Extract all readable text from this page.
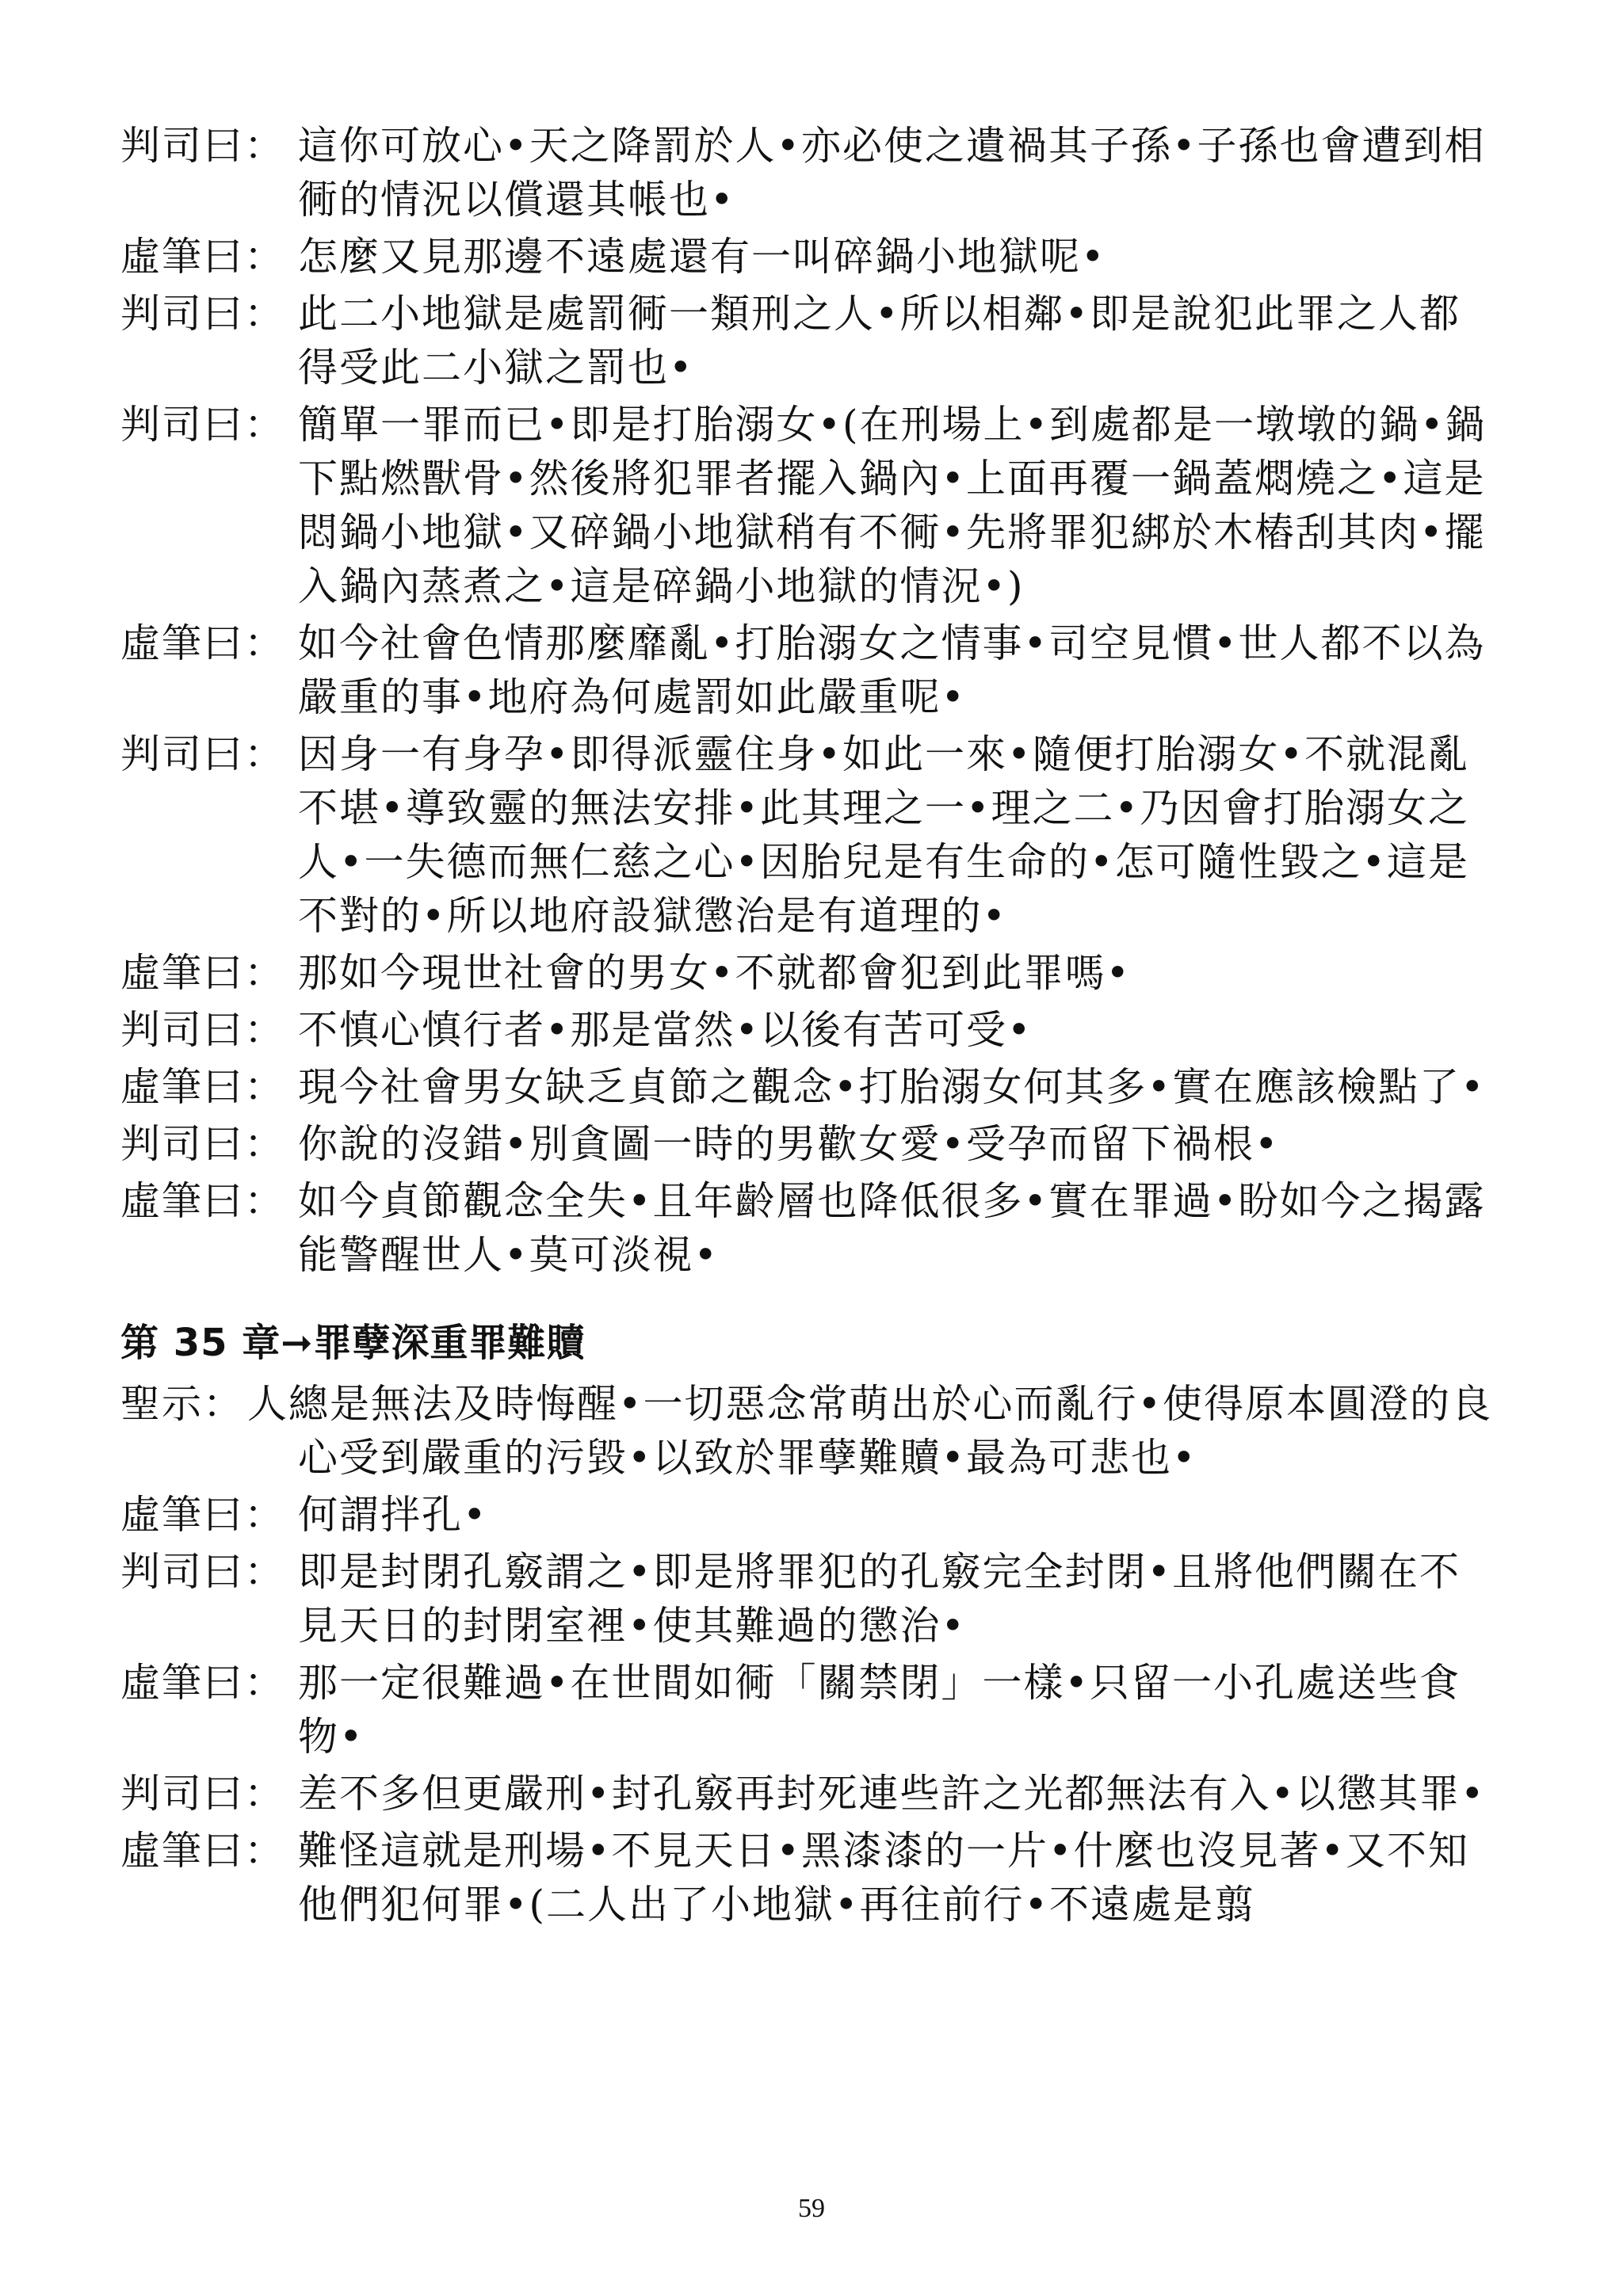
判司曰： 這你可放心•天之降罰於人•亦必使之遺禍其子孫•子孫也會遭到相衕的情況以償還其帳也•
虛筆曰： 怎麼又見那邊不遠處還有一叫碎鍋小地獄呢•
判司曰： 此二小地獄是處罰衕一類刑之人•所以相鄰•即是說犯此罪之人都得受此二小獄之罰也•
判司曰： 簡單一罪而已•即是打胎溺女•(在刑場上•到處都是一墩墩的鍋•鍋下點燃獸骨•然後將犯罪者擺入鍋內•上面再覆一鍋蓋燜燒之•這是悶鍋小地獄•又碎鍋小地獄稍有不衕•先將罪犯綁於木樁刮其肉•擺入鍋內蒸煮之•這是碎鍋小地獄的情況•)
虛筆曰： 如今社會色情那麼靡亂•打胎溺女之情事•司空見慣•世人都不以為嚴重的事•地府為何處罰如此嚴重呢•
判司曰： 因身一有身孕•即得派靈住身•如此一來•隨便打胎溺女•不就混亂不堪•導致靈的無法安排•此其理之一•理之二•乃因會打胎溺女之人•一失德而無仁慈之心•因胎兒是有生命的•怎可隨性毀之•這是不對的•所以地府設獄懲治是有道理的•
虛筆曰： 那如今現世社會的男女•不就都會犯到此罪嗎•
判司曰： 不慎心慎行者•那是當然•以後有苦可受•
虛筆曰： 現今社會男女缺乏貞節之觀念•打胎溺女何其多•實在應該檢點了•
判司曰： 你說的沒錯•別貪圖一時的男歡女愛•受孕而留下禍根•
虛筆曰： 如今貞節觀念全失•且年齡層也降低很多•實在罪過•盼如今之揭露能警醒世人•莫可淡視•
第 35 章➞罪孽深重罪難贖
聖示： 人總是無法及時悔醒•一切惡念常萌出於心而亂行•使得原本圓澄的良心受到嚴重的污毀•以致於罪孽難贖•最為可悲也•
虛筆曰： 何謂拌孔•
判司曰： 即是封閉孔竅謂之•即是將罪犯的孔竅完全封閉•且將他們關在不見天日的封閉室裡•使其難過的懲治•
虛筆曰： 那一定很難過•在世間如衕「關禁閉」一樣•只留一小孔處送些食物•
判司曰： 差不多但更嚴刑•封孔竅再封死連些許之光都無法有入•以懲其罪•
虛筆曰： 難怪這就是刑場•不見天日•黑漆漆的一片•什麼也沒見著•又不知他們犯何罪•(二人出了小地獄•再往前行•不遠處是翦
59
